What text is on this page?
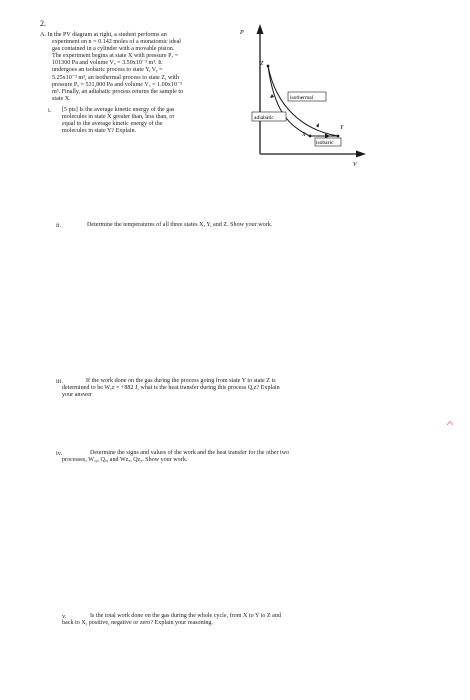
2.
A. In the PV diagram at right, a student performs an
experiment on n = 0.142 moles of a monatomic ideal
gas contained in a cylinder with a movable piston.
The experiment begins at state X with pressure Pₓ =
101300 Pa and volume Vₓ = 3.50x10⁻³ m³. It
undergoes an isobaric process to state Y, Vᵧ =
5.25x10⁻³ m³, an isothermal process to state Z, with
pressure Pₓ = 531,800 Pa and volume Vₓ = 1.00x10⁻³
m³. Finally, an adiabatic process returns the sample to
state X.
i. [5 pts] Is the average kinetic energy of the gas
molecules in state X greater than, less than, or
equal to the average kinetic energy of the
molecules in state Y? Explain.
P
V
Z
X
Y
isothermal
adiabatic
isobaric
ii.	Determine the temperatures of all three states X, Y, and Z. Show your work.
iii.	If the work done on the gas during the process going from state Y to state Z is
determined to be Wᵧz = +882 J, what is the heat transfer during this process Qᵧz? Explain
your answer
iv.	Determine the signs and values of the work and the heat transfer for the other two
processes, Wₓᵧ, Qₓᵧ and Wzₓ, Qzₓ. Show your work.
v.	Is the total work done on the gas during the whole cycle, from X to Y to Z and
back to X, positive, negative or zero? Explain your reasoning.
